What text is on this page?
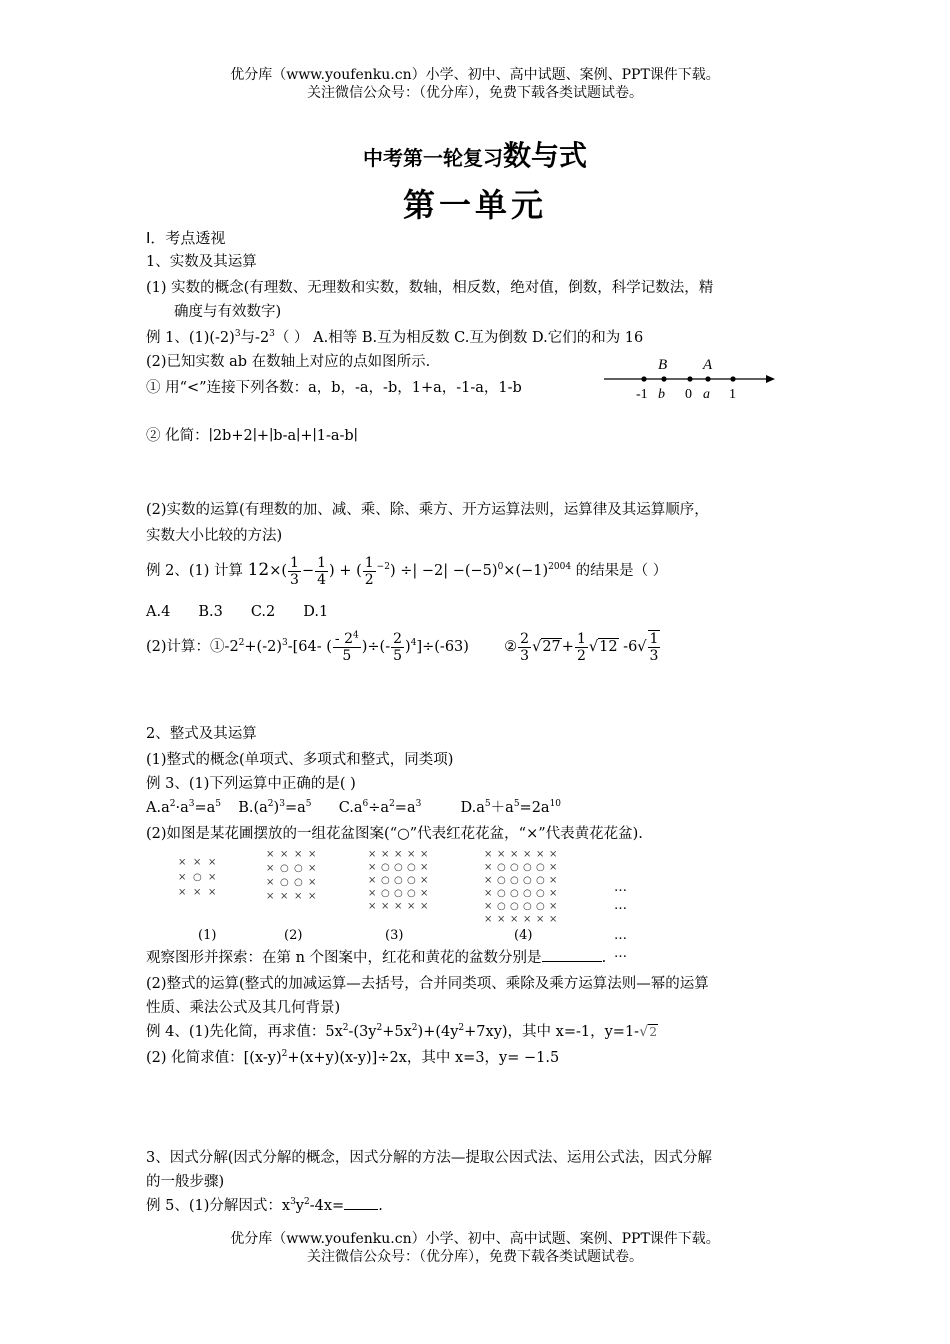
优分库（www.youfenku.cn）小学、初中、高中试题、案例、PPT课件下载。
关注微信公众号：（优分库），免费下载各类试题试卷。
中考第一轮复习数与式
第一单元
Ⅰ．考点透视
1、实数及其运算
(1) 实数的概念(有理数、无理数和实数，数轴，相反数，绝对值，倒数，科学记数法，精
确度与有效数字)
例 1、$(1)(-2)^3$与$-2^3$（ ） A.相等 B.互为相反数 C.互为倒数 D.它们的和为 16
(2)已知实数 ab 在数轴上对应的点如图所示.
① 用“<”连接下列各数：a，b，-a，-b，1+a，-1-a，1-b
B A
-1 b 0 a 1
② 化简：∣2b+2∣+∣b-a∣+∣1-a-b∣
(2)实数的运算(有理数的加、减、乘、除、乘方、开方运算法则，运算律及其运算顺序，
实数大小比较的方法)
例 2、(1) 计算 $12\times( \frac{1}{3} - \frac{1}{4}$ ) + ( $\frac{1}{2} ^{-2}$) ÷| $-2| -(-5)^0\times(-1)^{2004}$ 的结果是（ ）
A.4 B.3 C.2 D.1
(2)计算：$①-2^2+(-2)^3-[64-$ ( $\frac{- 2^4}{5}$ )÷(- $\frac{2}{5} )^4]\div(-63)$ ② $\frac{2}{3} √27+ \frac{1}{2} √12$ $-6√ \frac{1}{3}$
2、整式及其运算
(1)整式的概念(单项式、多项式和整式，同类项)
例 3、(1)下列运算中正确的是( )
$A.a^2\cdot a^3=a^5$ $B.(a^2)^3=a^5$ $C.a^6\div a^2=a^3$	$D.a^5+a^5=2a^{10}$
(2)如图是某花圃摆放的一组花盆图案(“○”代表红花花盆，“×”代表黄花花盆).
× × ×
× ○ ×
× × ×
× × × ×
× ○ ○ ×
× ○ ○ ×
× × × ×
× × × × ×
× ○ ○ ○ ×
× ○ ○ ○ ×
× ○ ○ ○ ×
× × × × ×
× × × × × ×
× ○ ○ ○ ○ ×
× ○ ○ ○ ○ ×
× ○ ○ ○ ○ ×
× ○ ○ ○ ○ ×
× × × × × ×
…
…
…
…
(1)	(2)	(3)	(4)
观察图形并探索：在第 n 个图案中，红花和黄花的盆数分别是	.
(2)整式的运算(整式的加减运算—去括号，合并同类项、乘除及乘方运算法则—幂的运算
性质、乘法公式及其几何背景)
例 4、(1)先化简，再求值：$5x^2-(3y^2+5x^2)+(4y^2+7xy)$，其中 x=-1，y=1-√2
(2) 化简求值：$[(x-y)^2+(x+y)(x-y)]\div 2x$，其中 x=3，y= −1.5
3、因式分解(因式分解的概念，因式分解的方法—提取公因式法、运用公式法，因式分解
的一般步骤)
例 5、(1)分解因式：$x^3y^2-4x=$ .
优分库（www.youfenku.cn）小学、初中、高中试题、案例、PPT课件下载。
关注微信公众号：（优分库），免费下载各类试题试卷。
